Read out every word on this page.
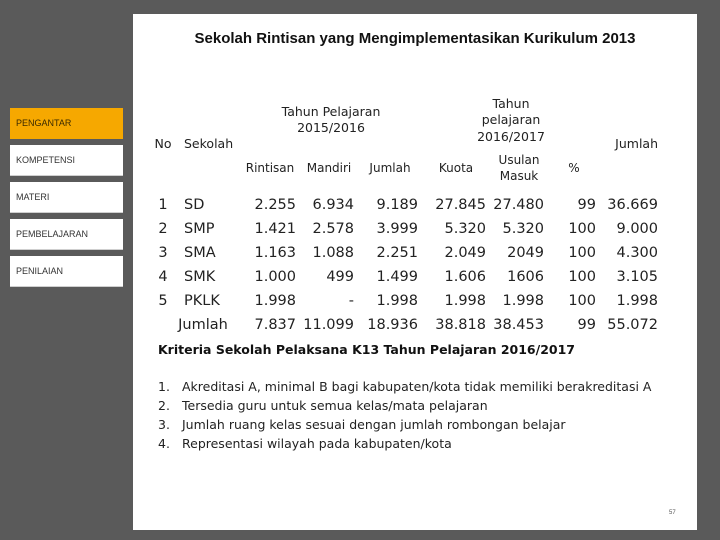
PENGANTAR
KOMPETENSI
MATERI
PEMBELAJARAN
PENILAIAN
Sekolah Rintisan yang Mengimplementasikan Kurikulum 2013
No	Sekolah	Tahun Pelajaran 2015/2016			Tahun pelajaran 2016/2017			Jumlah
		Rintisan	Mandiri	Jumlah	Kuota	Usulan Masuk	%	
1	SD	2.255	6.934	9.189	27.845	27.480	99	36.669
2	SMP	1.421	2.578	3.999	5.320	5.320	100	9.000
3	SMA	1.163	1.088	2.251	2.049	2049	100	4.300
4	SMK	1.000	499	1.499	1.606	1606	100	3.105
5	PKLK	1.998	-	1.998	1.998	1.998	100	1.998
Jumlah		7.837	11.099	18.936	38.818	38.453	99	55.072
Kriteria Sekolah Pelaksana K13 Tahun Pelajaran 2016/2017
1. Akreditasi A, minimal B bagi kabupaten/kota tidak memiliki berakreditasi A
2. Tersedia guru untuk semua kelas/mata pelajaran
3. Jumlah ruang kelas sesuai dengan jumlah rombongan belajar
4. Representasi wilayah pada kabupaten/kota
57
